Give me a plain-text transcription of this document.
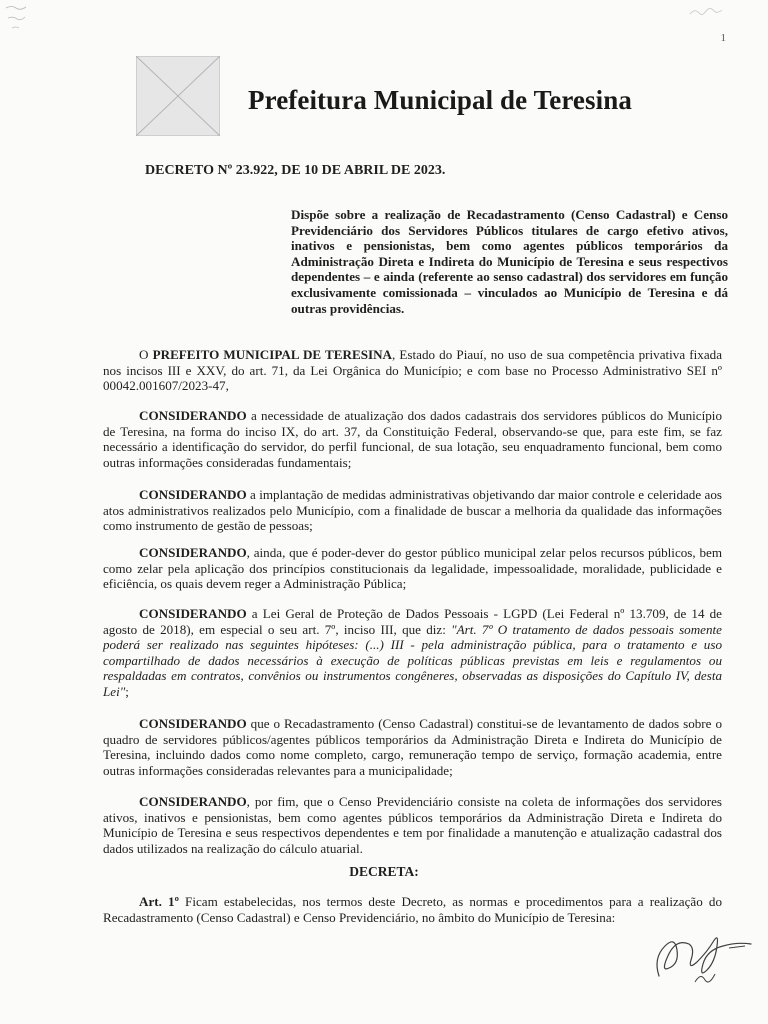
1
Prefeitura Municipal de Teresina
DECRETO Nº 23.922, DE 10 DE ABRIL DE 2023.
Dispõe sobre a realização de Recadastramento (Censo Cadastral) e Censo Previdenciário dos Servidores Públicos titulares de cargo efetivo ativos, inativos e pensionistas, bem como agentes públicos temporários da Administração Direta e Indireta do Município de Teresina e seus respectivos dependentes – e ainda (referente ao senso cadastral) dos servidores em função exclusivamente comissionada – vinculados ao Município de Teresina e dá outras providências.
O PREFEITO MUNICIPAL DE TERESINA, Estado do Piauí, no uso de sua competência privativa fixada nos incisos III e XXV, do art. 71, da Lei Orgânica do Município; e com base no Processo Administrativo SEI nº 00042.001607/2023-47,
CONSIDERANDO a necessidade de atualização dos dados cadastrais dos servidores públicos do Município de Teresina, na forma do inciso IX, do art. 37, da Constituição Federal, observando-se que, para este fim, se faz necessário a identificação do servidor, do perfil funcional, de sua lotação, seu enquadramento funcional, bem como outras informações consideradas fundamentais;
CONSIDERANDO a implantação de medidas administrativas objetivando dar maior controle e celeridade aos atos administrativos realizados pelo Município, com a finalidade de buscar a melhoria da qualidade das informações como instrumento de gestão de pessoas;
CONSIDERANDO, ainda, que é poder-dever do gestor público municipal zelar pelos recursos públicos, bem como zelar pela aplicação dos princípios constitucionais da legalidade, impessoalidade, moralidade, publicidade e eficiência, os quais devem reger a Administração Pública;
CONSIDERANDO a Lei Geral de Proteção de Dados Pessoais - LGPD (Lei Federal nº 13.709, de 14 de agosto de 2018), em especial o seu art. 7º, inciso III, que diz: "Art. 7º O tratamento de dados pessoais somente poderá ser realizado nas seguintes hipóteses: (...) III - pela administração pública, para o tratamento e uso compartilhado de dados necessários à execução de políticas públicas previstas em leis e regulamentos ou respaldadas em contratos, convênios ou instrumentos congêneres, observadas as disposições do Capítulo IV, desta Lei";
CONSIDERANDO que o Recadastramento (Censo Cadastral) constitui-se de levantamento de dados sobre o quadro de servidores públicos/agentes públicos temporários da Administração Direta e Indireta do Município de Teresina, incluindo dados como nome completo, cargo, remuneração tempo de serviço, formação academia, entre outras informações consideradas relevantes para a municipalidade;
CONSIDERANDO, por fim, que o Censo Previdenciário consiste na coleta de informações dos servidores ativos, inativos e pensionistas, bem como agentes públicos temporários da Administração Direta e Indireta do Município de Teresina e seus respectivos dependentes e tem por finalidade a manutenção e atualização cadastral dos dados utilizados na realização do cálculo atuarial.
DECRETA:
Art. 1º Ficam estabelecidas, nos termos deste Decreto, as normas e procedimentos para a realização do Recadastramento (Censo Cadastral) e Censo Previdenciário, no âmbito do Município de Teresina:
